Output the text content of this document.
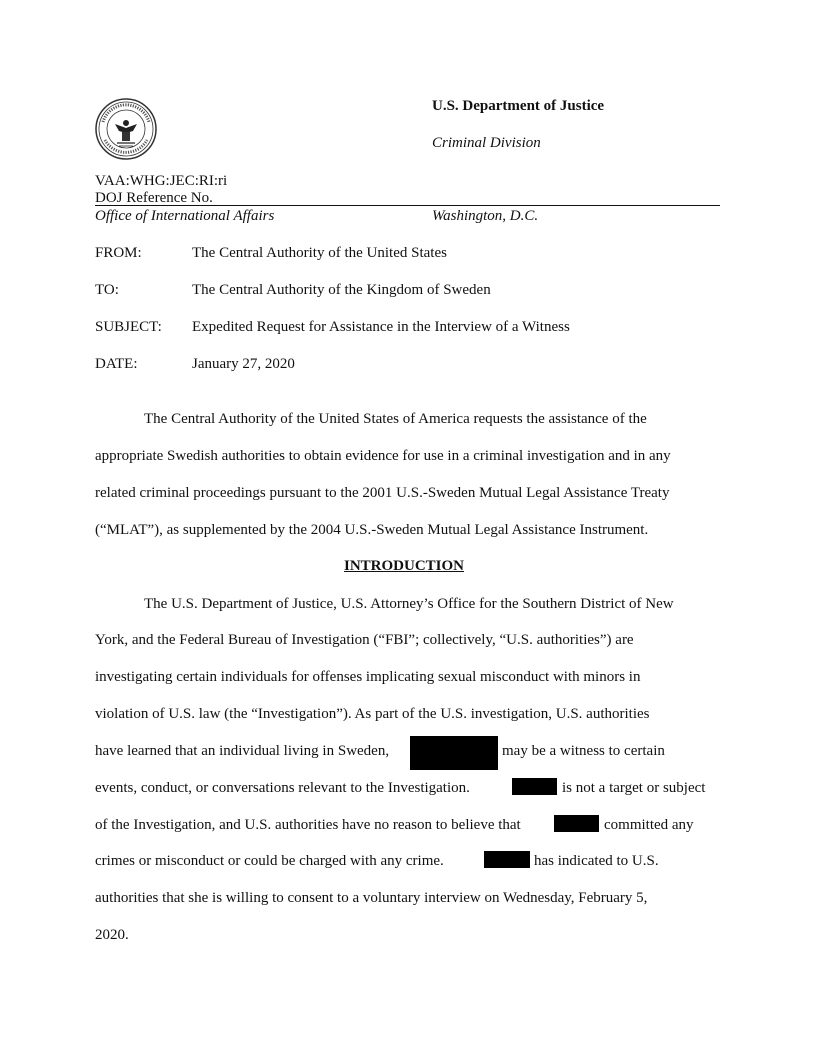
U.S. Department of Justice
Criminal Division
VAA:WHG:JEC:RI:ri
DOJ Reference No.
Office of International Affairs	Washington, D.C.
FROM:	The Central Authority of the United States
TO:	The Central Authority of the Kingdom of Sweden
SUBJECT: Expedited Request for Assistance in the Interview of a Witness
DATE:	January 27, 2020
The Central Authority of the United States of America requests the assistance of the
appropriate Swedish authorities to obtain evidence for use in a criminal investigation and in any
related criminal proceedings pursuant to the 2001 U.S.-Sweden Mutual Legal Assistance Treaty
(“MLAT”), as supplemented by the 2004 U.S.-Sweden Mutual Legal Assistance Instrument.
INTRODUCTION
The U.S. Department of Justice, U.S. Attorney’s Office for the Southern District of New
York, and the Federal Bureau of Investigation (“FBI”; collectively, “U.S. authorities”) are
investigating certain individuals for offenses implicating sexual misconduct with minors in
violation of U.S. law (the “Investigation”). As part of the U.S. investigation, U.S. authorities
have learned that an individual living in Sweden,	may be a witness to certain
events, conduct, or conversations relevant to the Investigation.	is not a target or subject
of the Investigation, and U.S. authorities have no reason to believe that	committed any
crimes or misconduct or could be charged with any crime.	has indicated to U.S.
authorities that she is willing to consent to a voluntary interview on Wednesday, February 5,
2020.
